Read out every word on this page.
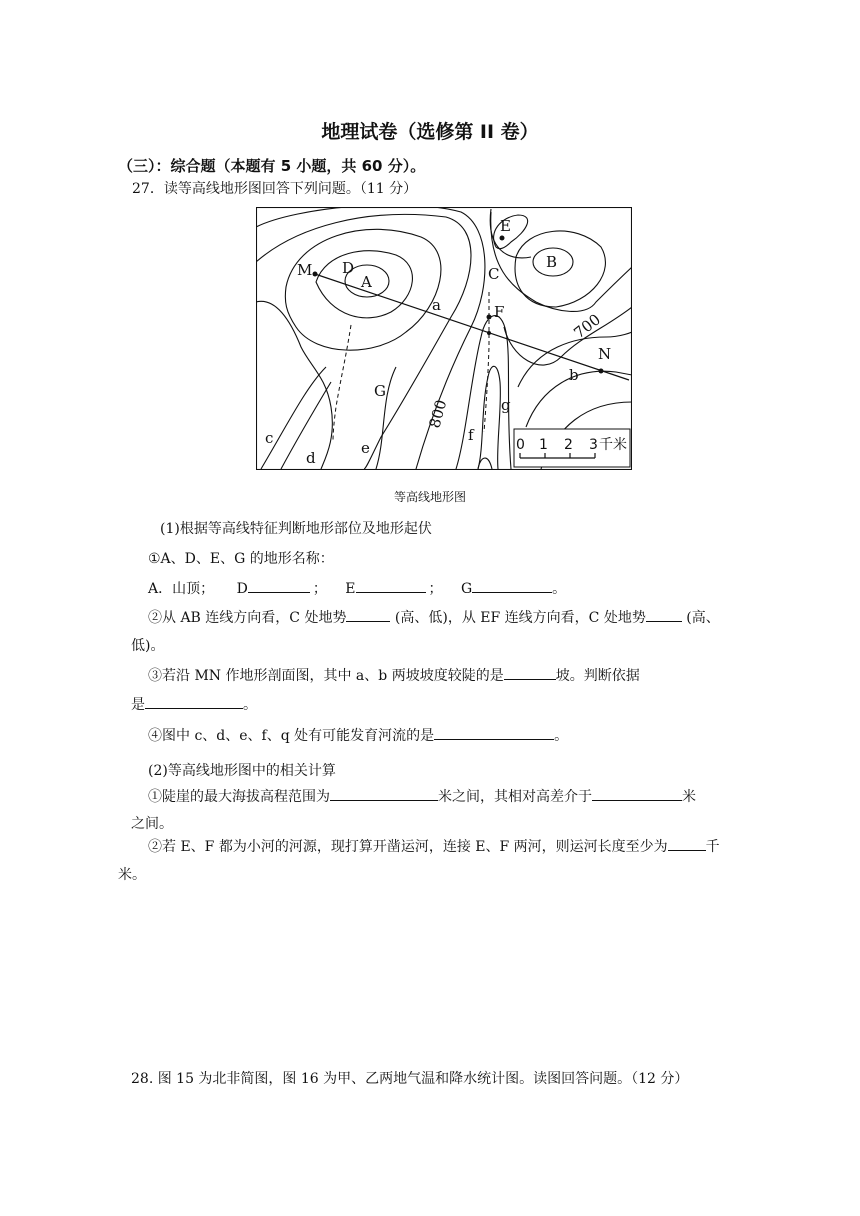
地理试卷（选修第 II 卷）
（三）：综合题（本题有 5 小题，共 60 分）。
27．读等高线地形图回答下列问题。（11 分）
0 1 2 3 千米
M D
A
E
B
C
F
a
N
b
G
g
c
d
e
f
800
700
等高线地形图
(1)根据等高线特征判断地形部位及地形起伏
①A、D、E、G 的地形名称：
A．山顶； D	； E	； G	。
②从 AB 连线方向看，C 处地势	(高、低)，从 EF 连线方向看，C 处地势	(高、
低)。
③若沿 MN 作地形剖面图，其中 a、b 两坡坡度较陡的是	坡。判断依据
是	。
④图中 c、d、e、f、q 处有可能发育河流的是	。
(2)等高线地形图中的相关计算
①陡崖的最大海拔高程范围为	米之间，其相对高差介于	米
之间。
②若 E、F 都为小河的河源，现打算开凿运河，连接 E、F 两河，则运河长度至少为	千
米。
28. 图 15 为北非简图，图 16 为甲、乙两地气温和降水统计图。读图回答问题。（12 分）
